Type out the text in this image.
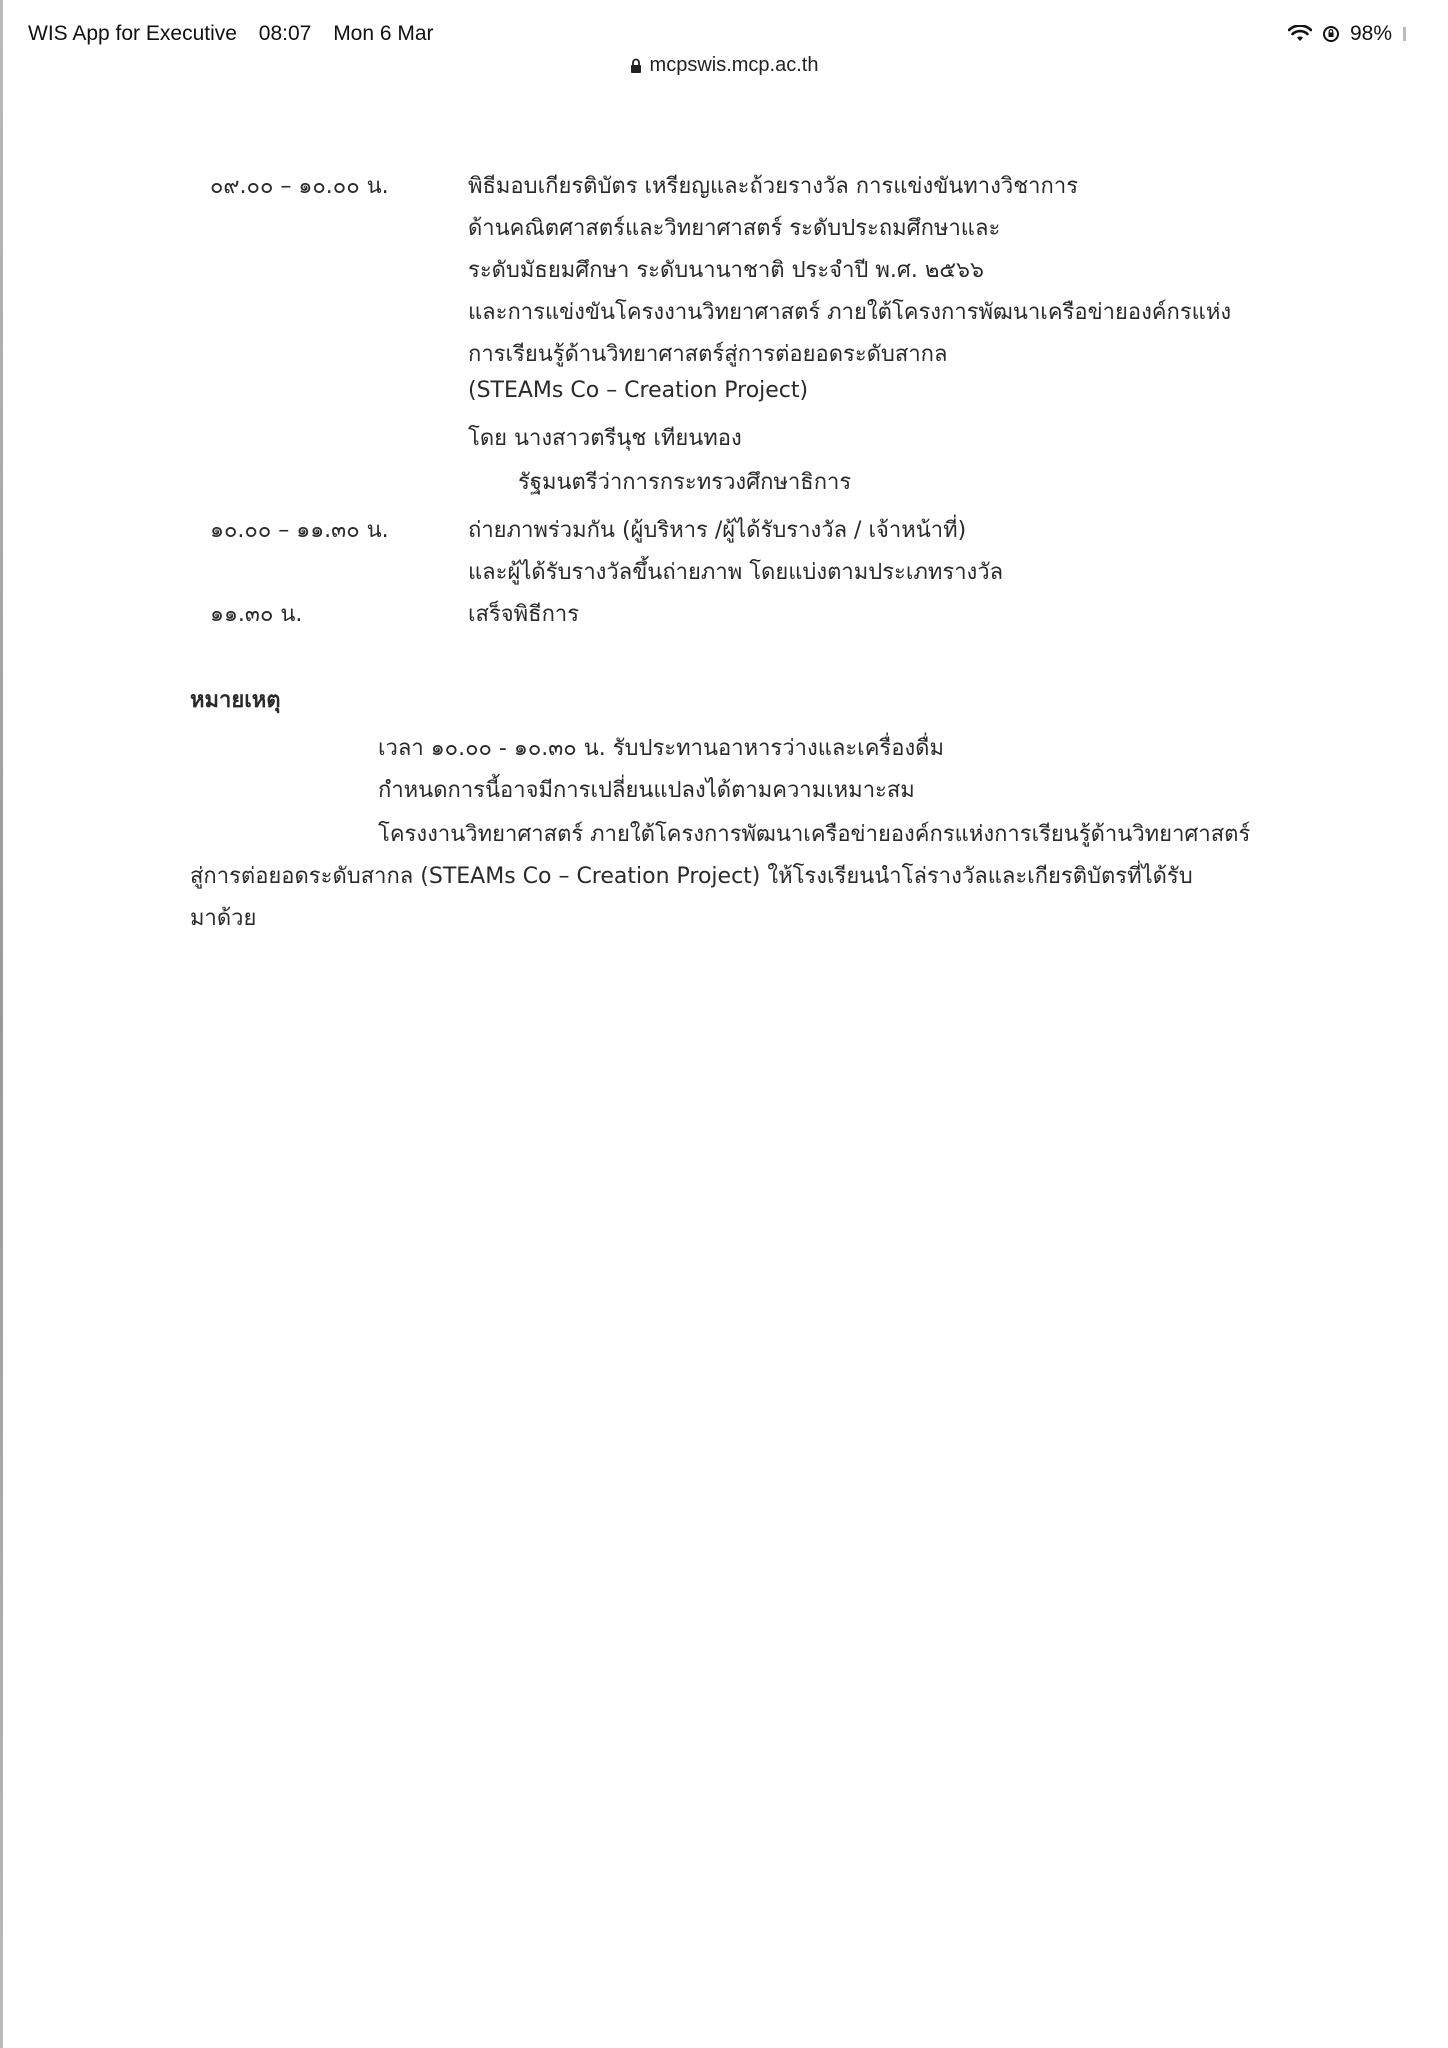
WIS App for Executive 08:07 Mon 6 Mar	98%
mcpswis.mcp.ac.th
๐๙.๐๐ – ๑๐.๐๐ น.	พิธีมอบเกียรติบัตร เหรียญและถ้วยรางวัล การแข่งขันทางวิชาการ
ด้านคณิตศาสตร์และวิทยาศาสตร์ ระดับประถมศึกษาและ
ระดับมัธยมศึกษา ระดับนานาชาติ ประจำปี พ.ศ. ๒๕๖๖
และการแข่งขันโครงงานวิทยาศาสตร์ ภายใต้โครงการพัฒนาเครือข่ายองค์กรแห่ง
การเรียนรู้ด้านวิทยาศาสตร์สู่การต่อยอดระดับสากล
(STEAMs Co – Creation Project)
โดย นางสาวตรีนุช เทียนทอง
รัฐมนตรีว่าการกระทรวงศึกษาธิการ
๑๐.๐๐ – ๑๑.๓๐ น.	ถ่ายภาพร่วมกัน (ผู้บริหาร /ผู้ได้รับรางวัล / เจ้าหน้าที่)
และผู้ได้รับรางวัลขึ้นถ่ายภาพ โดยแบ่งตามประเภทรางวัล
๑๑.๓๐ น.	เสร็จพิธีการ
หมายเหตุ
เวลา ๑๐.๐๐ - ๑๐.๓๐ น. รับประทานอาหารว่างและเครื่องดื่ม
กำหนดการนี้อาจมีการเปลี่ยนแปลงได้ตามความเหมาะสม
โครงงานวิทยาศาสตร์ ภายใต้โครงการพัฒนาเครือข่ายองค์กรแห่งการเรียนรู้ด้านวิทยาศาสตร์
สู่การต่อยอดระดับสากล (STEAMs Co – Creation Project) ให้โรงเรียนนำโล่รางวัลและเกียรติบัตรที่ได้รับ
มาด้วย
